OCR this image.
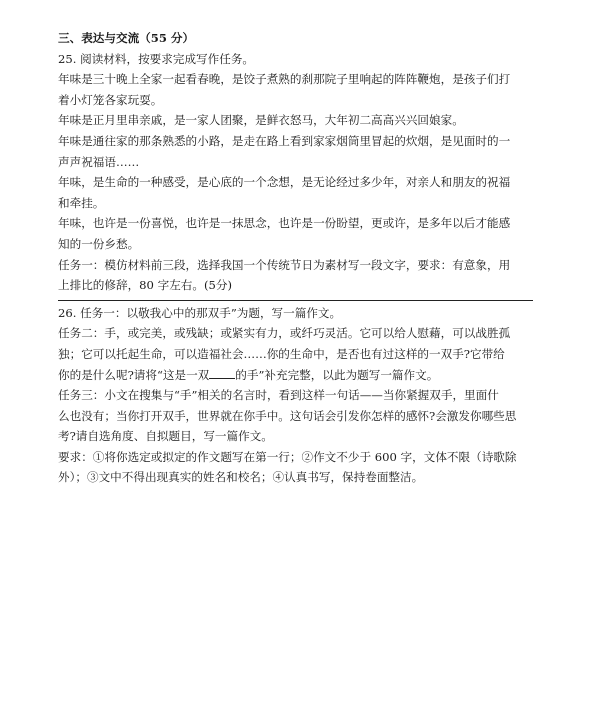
三、表达与交流（55 分）
25. 阅读材料，按要求完成写作任务。
年味是三十晚上全家一起看春晚，是饺子煮熟的刹那院子里响起的阵阵鞭炮，是孩子们打
着小灯笼各家玩耍。
年味是正月里串亲戚，是一家人团聚，是鲜衣怒马，大年初二高高兴兴回娘家。
年味是通往家的那条熟悉的小路，是走在路上看到家家烟筒里冒起的炊烟，是见面时的一
声声祝福语……
年味，是生命的一种感受，是心底的一个念想，是无论经过多少年，对亲人和朋友的祝福
和牵挂。
年味，也许是一份喜悦，也许是一抹思念，也许是一份盼望，更或许，是多年以后才能感
知的一份乡愁。
任务一：模仿材料前三段，选择我国一个传统节日为素材写一段文字，要求：有意象，用
上排比的修辞，80 字左右。(5分)
26. 任务一：以敬我心中的那双手”为题，写一篇作文。
任务二：手，或完美，或残缺；或紧实有力，或纤巧灵活。它可以给人慰藉，可以战胜孤
独；它可以托起生命，可以造福社会……你的生命中，是否也有过这样的一双手?它带给
你的是什么呢?请将“这是一双 的手”补充完整，以此为题写一篇作文。
任务三：小文在搜集与“手”相关的名言时，看到这样一句话——当你紧握双手，里面什
么也没有；当你打开双手，世界就在你手中。这句话会引发你怎样的感怀?会激发你哪些思
考?请自选角度、自拟题目，写一篇作文。
要求：①将你选定或拟定的作文题写在第一行；②作文不少于 600 字，文体不限（诗歌除
外）；③文中不得出现真实的姓名和校名；④认真书写，保持卷面整洁。
